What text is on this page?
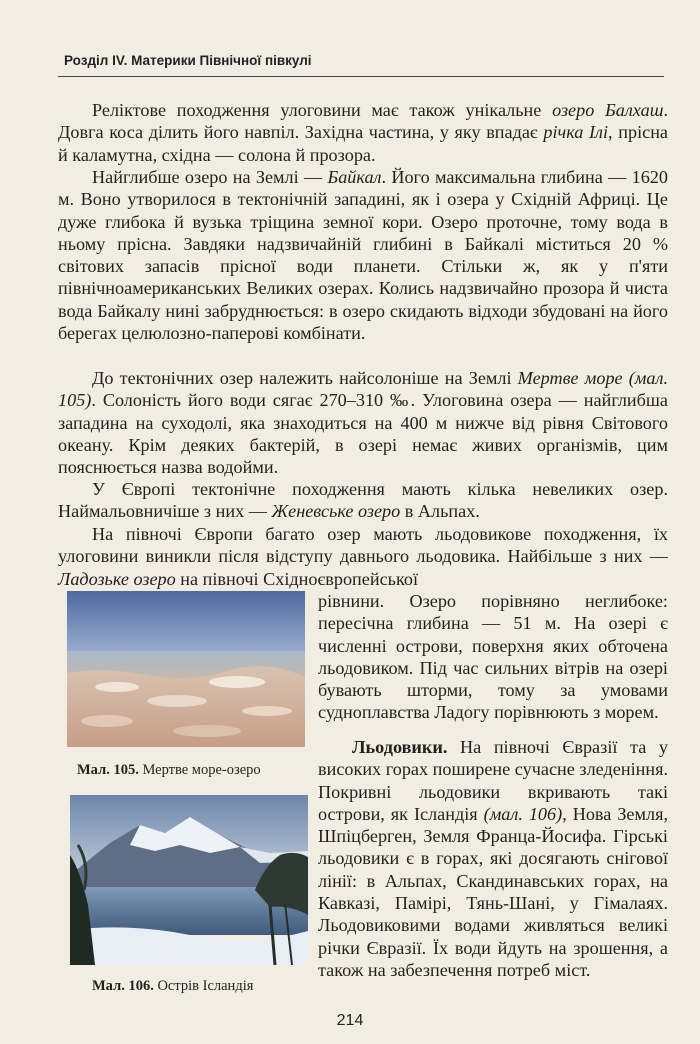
Розділ IV. Материки Північної півкулі

Реліктове походження улоговини має також унікальне озеро Балхаш. Довга коса ділить його навпіл. Західна частина, у яку впадає річка Ілі, прісна й каламутна, східна — солона й прозора.

Найглибше озеро на Землі — Байкал. Його максимальна глибина — 1620 м. Воно утворилося в тектонічній западині, як і озера у Східній Африці. Це дуже глибока й вузька тріщина земної кори. Озеро проточне, тому вода в ньому прісна. Завдяки надзвичайній глибині в Байкалі міститься 20 % світових запасів прісної води планети. Стільки ж, як у п'яти північноамериканських Великих озерах. Колись надзвичайно прозора й чиста вода Байкалу нині забруднюється: в озеро скидають відходи збудовані на його берегах целюлозно-паперові комбінати.

До тектонічних озер належить найсолоніше на Землі Мертве море (мал. 105). Солоність його води сягає 270–310 ‰. Улоговина озера — найглибша западина на суходолі, яка знаходиться на 400 м нижче від рівня Світового океану. Крім деяких бактерій, в озері немає живих організмів, цим пояснюється назва водойми.

У Європі тектонічне походження мають кілька невеликих озер. Наймальовничіше з них — Женевське озеро в Альпах.

На півночі Європи багато озер мають льодовикове походження, їх улоговини виникли після відступу давнього льодовика. Найбільше з них — Ладозьке озеро на півночі Східноєвропейської

рівнини. Озеро порівняно неглибоке: пересічна глибина — 51 м. На озері є численні острови, поверхня яких обточена льодовиком. Під час сильних вітрів на озері бувають шторми, тому за умовами судноплавства Ладогу порівнюють з морем.

Льодовики. На півночі Євразії та у високих горах поширене сучасне зледеніння. Покривні льодовики вкривають такі острови, як Ісландія (мал. 106), Нова Земля, Шпіцберген, Земля Франца-Йосифа. Гірські льодовики є в горах, які досягають снігової лінії: в Альпах, Скандинавських горах, на Кавказі, Памірі, Тянь-Шані, у Гімалаях. Льодовиковими водами живляться великі річки Євразії. Їх води йдуть на зрошення, а також на забезпечення потреб міст.

Мал. 105. Мертве море-озеро
Мал. 106. Острів Ісландія
214
